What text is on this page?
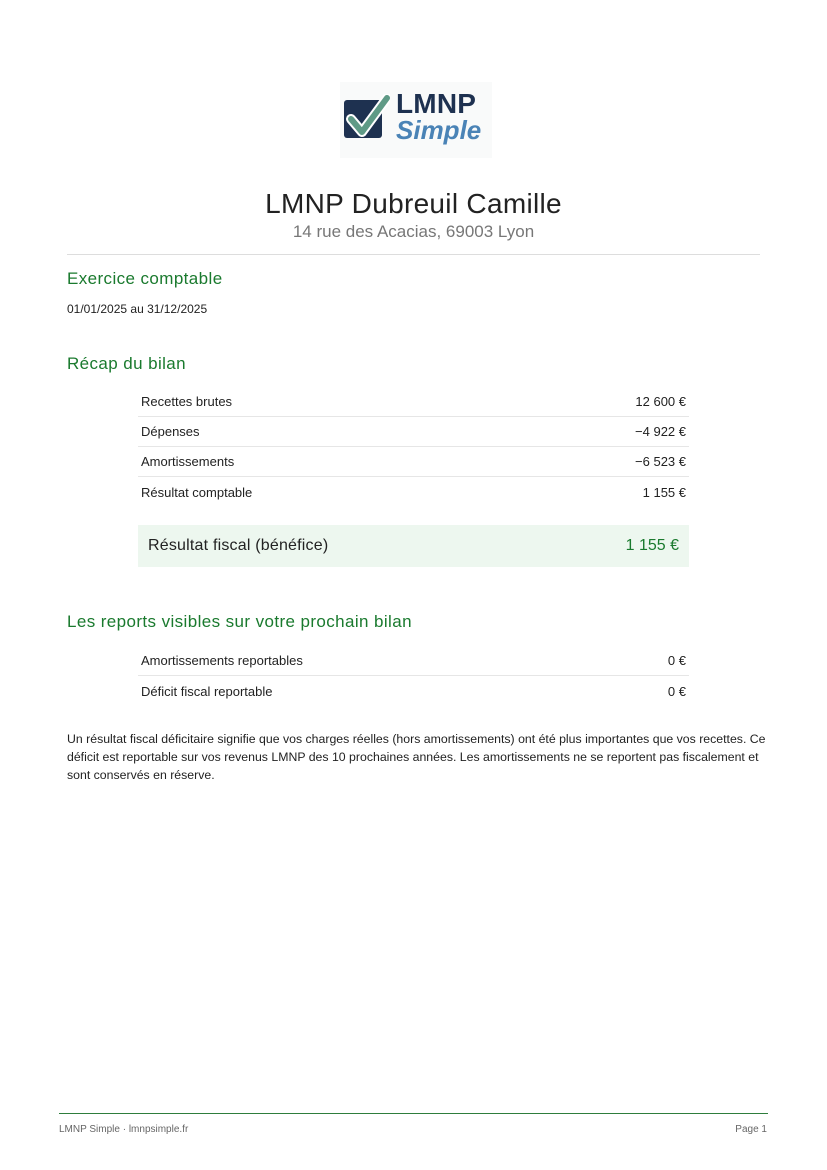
LMNP
Simple
LMNP Dubreuil Camille
14 rue des Acacias, 69003 Lyon
Exercice comptable
01/01/2025 au 31/12/2025
Récap du bilan
Recettes brutes	12 600 €
Dépenses	−4 922 €
Amortissements	−6 523 €
Résultat comptable	1 155 €
Résultat fiscal (bénéfice)	1 155 €
Les reports visibles sur votre prochain bilan
Amortissements reportables	0 €
Déficit fiscal reportable	0 €
Un résultat fiscal déficitaire signifie que vos charges réelles (hors amortissements) ont été plus importantes que vos recettes. Ce déficit est reportable sur vos revenus LMNP des 10 prochaines années. Les amortissements ne se reportent pas fiscalement et sont conservés en réserve.
LMNP Simple · lmnpsimple.fr	Page 1
